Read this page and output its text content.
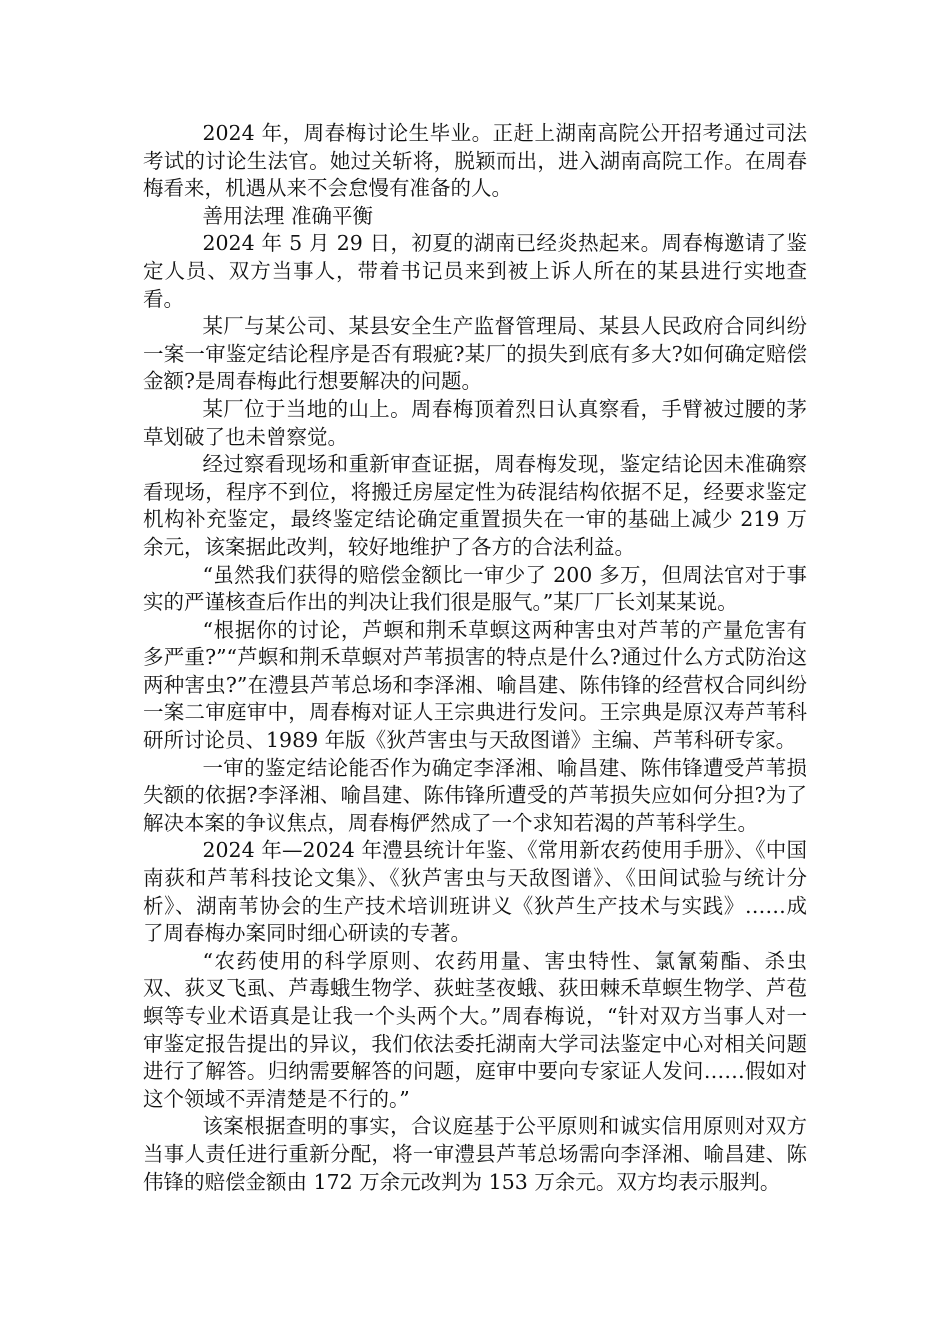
2024 年，周春梅讨论生毕业。正赶上湖南高院公开招考通过司法考试的讨论生法官。她过关斩将，脱颖而出，进入湖南高院工作。在周春梅看来，机遇从来不会怠慢有准备的人。

善用法理 准确平衡

2024 年 5 月 29 日，初夏的湖南已经炎热起来。周春梅邀请了鉴定人员、双方当事人，带着书记员来到被上诉人所在的某县进行实地查看。

某厂与某公司、某县安全生产监督管理局、某县人民政府合同纠纷一案一审鉴定结论程序是否有瑕疵?某厂的损失到底有多大?如何确定赔偿金额?是周春梅此行想要解决的问题。

某厂位于当地的山上。周春梅顶着烈日认真察看，手臂被过腰的茅草划破了也未曾察觉。

经过察看现场和重新审查证据，周春梅发现，鉴定结论因未准确察看现场，程序不到位，将搬迁房屋定性为砖混结构依据不足，经要求鉴定机构补充鉴定，最终鉴定结论确定重置损失在一审的基础上减少 219 万余元，该案据此改判，较好地维护了各方的合法利益。

“虽然我们获得的赔偿金额比一审少了 200 多万，但周法官对于事实的严谨核查后作出的判决让我们很是服气。”某厂厂长刘某某说。

“根据你的讨论，芦螟和荆禾草螟这两种害虫对芦苇的产量危害有多严重?”“芦螟和荆禾草螟对芦苇损害的特点是什么?通过什么方式防治这两种害虫?”在澧县芦苇总场和李泽湘、喻昌建、陈伟锋的经营权合同纠纷一案二审庭审中，周春梅对证人王宗典进行发问。王宗典是原汉寿芦苇科研所讨论员、1989 年版《狄芦害虫与天敌图谱》主编、芦苇科研专家。

一审的鉴定结论能否作为确定李泽湘、喻昌建、陈伟锋遭受芦苇损失额的依据?李泽湘、喻昌建、陈伟锋所遭受的芦苇损失应如何分担?为了解决本案的争议焦点，周春梅俨然成了一个求知若渴的芦苇科学生。

2024 年—2024 年澧县统计年鉴、《常用新农药使用手册》、《中国南荻和芦苇科技论文集》、《狄芦害虫与天敌图谱》、《田间试验与统计分析》、湖南苇协会的生产技术培训班讲义《狄芦生产技术与实践》……成了周春梅办案同时细心研读的专著。

“农药使用的科学原则、农药用量、害虫特性、氯氰菊酯、杀虫双、荻叉飞虱、芦毒蛾生物学、荻蛀茎夜蛾、荻田棘禾草螟生物学、芦苞螟等专业术语真是让我一个头两个大。”周春梅说，“针对双方当事人对一审鉴定报告提出的异议，我们依法委托湖南大学司法鉴定中心对相关问题进行了解答。归纳需要解答的问题，庭审中要向专家证人发问……假如对这个领域不弄清楚是不行的。”

该案根据查明的事实，合议庭基于公平原则和诚实信用原则对双方当事人责任进行重新分配，将一审澧县芦苇总场需向李泽湘、喻昌建、陈伟锋的赔偿金额由 172 万余元改判为 153 万余元。双方均表示服判。
